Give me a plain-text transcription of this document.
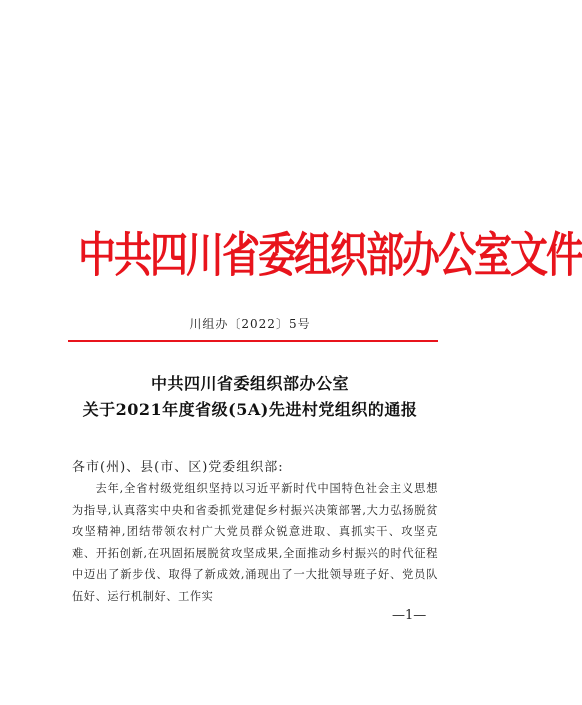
中共四川省委组织部办公室文件
川组办〔2022〕5号
中共四川省委组织部办公室
关于2021年度省级(5A)先进村党组织的通报
各市(州)、县(市、区)党委组织部:

去年,全省村级党组织坚持以习近平新时代中国特色社会主义思想为指导,认真落实中央和省委抓党建促乡村振兴决策部署,大力弘扬脱贫攻坚精神,团结带领农村广大党员群众锐意进取、真抓实干、攻坚克难、开拓创新,在巩固拓展脱贫攻坚成果,全面推动乡村振兴的时代征程中迈出了新步伐、取得了新成效,涌现出了一大批领导班子好、党员队伍好、运行机制好、工作实

—1—
